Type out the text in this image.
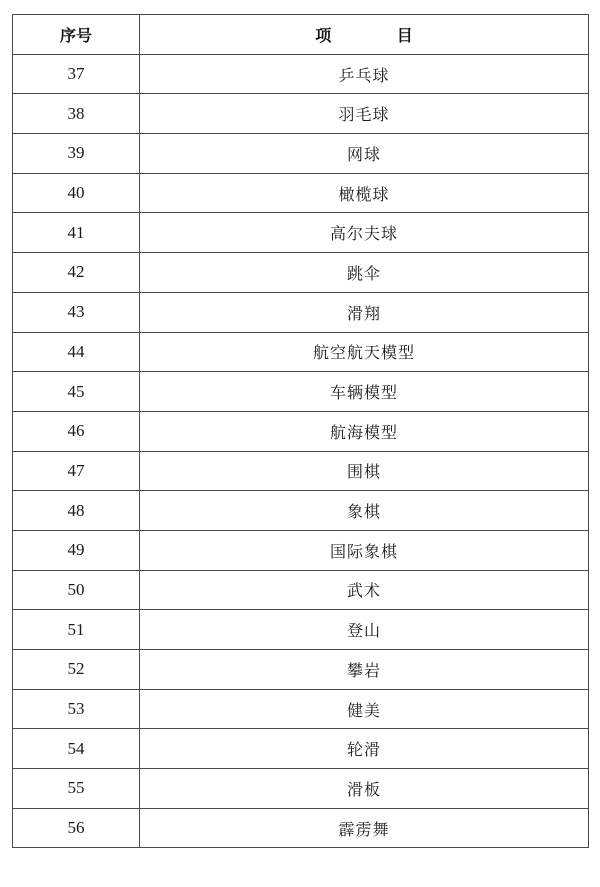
序号	项 目
37	乒乓球
38	羽毛球
39	网球
40	橄榄球
41	高尔夫球
42	跳伞
43	滑翔
44	航空航天模型
45	车辆模型
46	航海模型
47	围棋
48	象棋
49	国际象棋
50	武术
51	登山
52	攀岩
53	健美
54	轮滑
55	滑板
56	霹雳舞
